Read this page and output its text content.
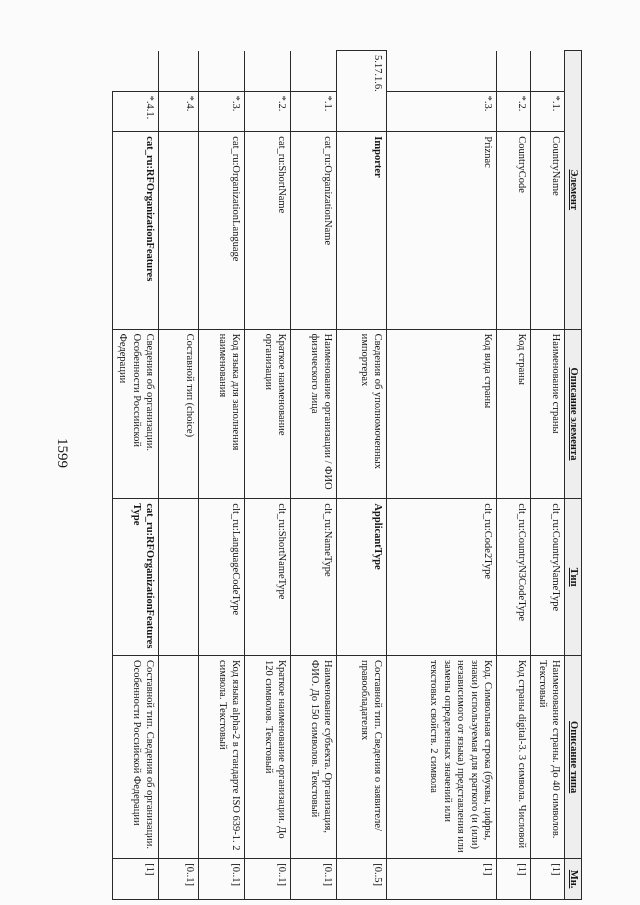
1599
Элемент			Описание элемента	Тип	Описание типа	Мн.
	*.1.	CountryName	Наименование страны	clt_ru:CountryNameType	Наименование страны. До 40 символов. Текстовый	[1]
	*.2.	CountryCode	Код страны	clt_ru:CountryN3CodeType	Код страны digital-3. 3 символа. Числовой	[1]
	*.3.	Priznac	Код вида страны	clt_ru:Code2Type	Код. Символьная строка (буквы, цифры, знаки) используемая для краткого (и (или) независимого от языка) представления или замены определенных значений или текстовых свойств. 2 символа	[1]
5.17.1.6.		Importer	Сведения об уполномоченных импортерах	ApplicantType	Составной тип. Сведения о заявителе/правообладателях	[0..5]
	*.1.	cat_ru:OrganizationName	Наименование организации / ФИО физического лица	clt_ru:NameType	Наименование субъекта. Организация, ФИО. До 150 символов. Текстовый	[0..1]
	*.2.	cat_ru:ShortName	Краткое наименование организации	clt_ru:ShortNameType	Краткое наименование организации. До 120 символов. Текстовый	[0..1]
	*.3.	cat_ru:OrganizationLanguage	Код языка для заполнения наименования	clt_ru:LanguageCodeType	Код языка alpha-2 в стандарте ISO 639-1. 2 символа. Текстовый	[0..1]
	*.4.		Составной тип (choice)			[0..1]
	*.4.1.	cat_ru:RFOrganizationFeatures	Сведения об организации. Особенности Российской Федерации	cat_ru:RFOrganizationFeaturesType	Составной тип. Сведения об организации. Особенности Российской Федерации	[1]
